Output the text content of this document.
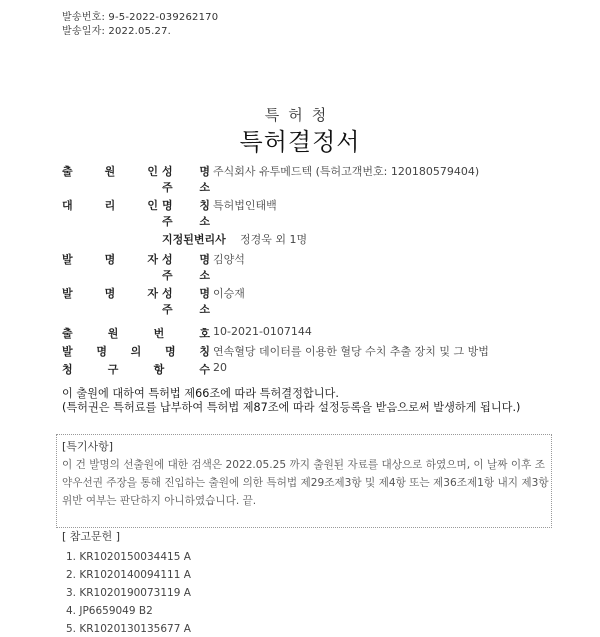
발송번호: 9-5-2022-039262170
발송일자: 2022.05.27.
특허청
특허결정서
출	원	인 성 명 주식회사 유투메드텍 (특허고객번호: 120180579404)
주 소
대	리	인 명 칭 특허법인태백
주 소
지정된변리사	정경욱 외 1명
발	명	자 성 명 김양석
주 소
발	명	자 성 명 이승재
주 소
출	원	번	호 10-2021-0107144
발 명 의 명 칭 연속혈당 데이터를 이용한 혈당 수치 추출 장치 및 그 방법
청	구	항	수 20
이 출원에 대하여 특허법 제66조에 따라 특허결정합니다.
(특허권은 특허료를 납부하여 특허법 제87조에 따라 설정등록을 받음으로써 발생하게 됩니다.)
[특기사항]
이 건 발명의 선출원에 대한 검색은 2022.05.25 까지 출원된 자료를 대상으로 하였으며, 이 날짜 이후 조약우선권 주장을 통해 진입하는 출원에 의한 특허법 제29조제3항 및 제4항 또는 제36조제1항 내지 제3항 위반 여부는 판단하지 아니하였습니다. 끝.
[ 참고문헌 ]
1. KR1020150034415 A
2. KR1020140094111 A
3. KR1020190073119 A
4. JP6659049 B2
5. KR1020130135677 A
